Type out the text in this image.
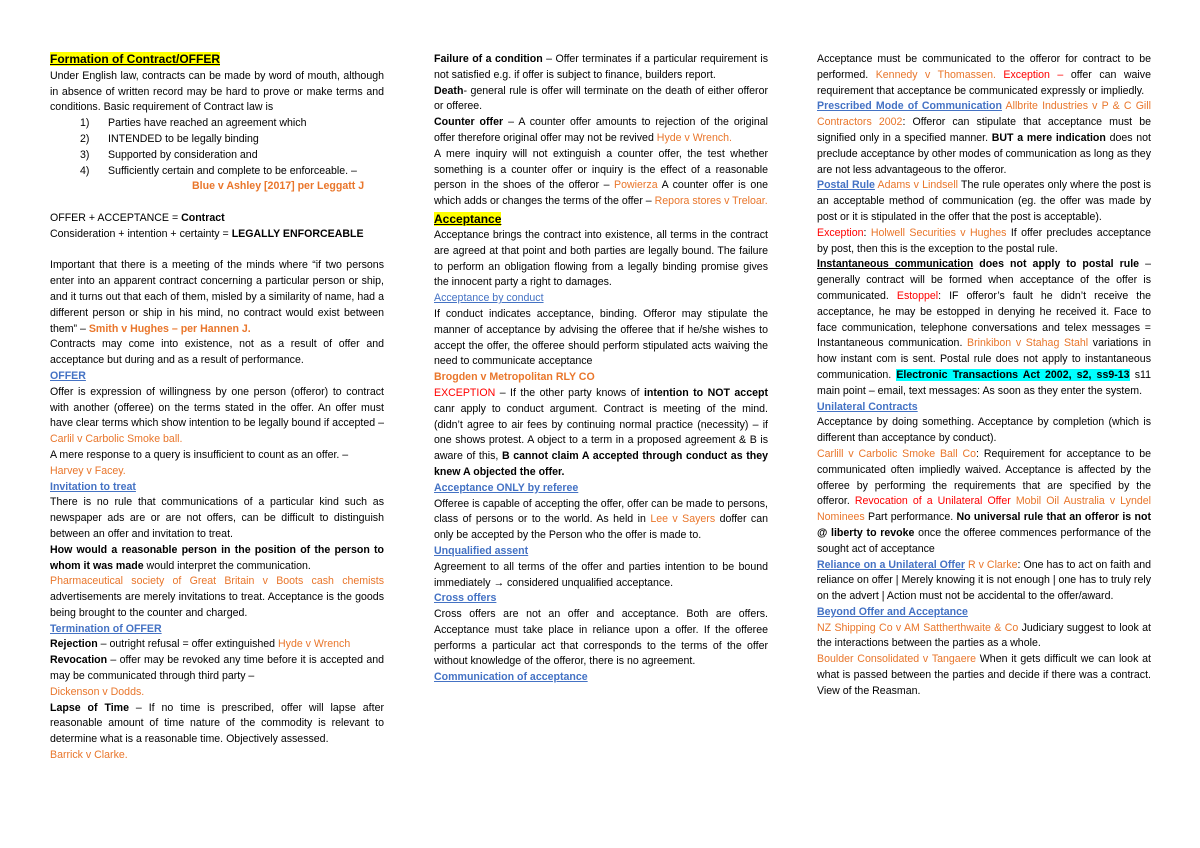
Formation of Contract/OFFER

Under English law, contracts can be made by word of mouth, although in absence of written record may be hard to prove or make terms and conditions. Basic requirement of Contract law is

1)	Parties have reached an agreement which
2)	INTENDED to be legally binding
3)	Supported by consideration and
4)	Sufficiently certain and complete to be enforceable. –
Blue v Ashley [2017] per Leggatt J

OFFER + ACCEPTANCE = Contract

Consideration + intention + certainty = LEGALLY ENFORCEABLE

Important that there is a meeting of the minds where “if two persons enter into an apparent contract concerning a particular person or ship, and it turns out that each of them, misled by a similarity of name, had a different person or ship in his mind, no contract would exist between them” – Smith v Hughes – per Hannen J.

Contracts may come into existence, not as a result of offer and acceptance but during and as a result of performance.

OFFER

Offer is expression of willingness by one person (offeror) to contract with another (offeree) on the terms stated in the offer. An offer must have clear terms which show intention to be legally bound if accepted – Carlil v Carbolic Smoke ball.

A mere response to a query is insufficient to count as an offer. –
Harvey v Facey.

Invitation to treat

There is no rule that communications of a particular kind such as newspaper ads are or are not offers, can be difficult to distinguish between an offer and invitation to treat.

How would a reasonable person in the position of the person to whom it was made would interpret the communication.

Pharmaceutical society of Great Britain v Boots cash chemists advertisements are merely invitations to treat. Acceptance is the goods being brought to the counter and charged.

Termination of OFFER

Rejection – outright refusal = offer extinguished Hyde v Wrench

Revocation – offer may be revoked any time before it is accepted and may be communicated through third party –
Dickenson v Dodds.

Lapse of Time – If no time is prescribed, offer will lapse after reasonable amount of time nature of the commodity is relevant to determine what is a reasonable time. Objectively assessed.
Barrick v Clarke.

Failure of a condition – Offer terminates if a particular requirement is not satisfied e.g. if offer is subject to finance, builders report.

Death- general rule is offer will terminate on the death of either offeror or offeree.

Counter offer – A counter offer amounts to rejection of the original offer therefore original offer may not be revived Hyde v Wrench.

A mere inquiry will not extinguish a counter offer, the test whether something is a counter offer or inquiry is the effect of a reasonable person in the shoes of the offeror – Powierza A counter offer is one which adds or changes the terms of the offer – Repora stores v Treloar.

Acceptance

Acceptance brings the contract into existence, all terms in the contract are agreed at that point and both parties are legally bound. The failure to perform an obligation flowing from a legally binding promise gives the innocent party a right to damages.

Acceptance by conduct

If conduct indicates acceptance, binding. Offeror may stipulate the manner of acceptance by advising the offeree that if he/she wishes to accept the offer, the offeree should perform stipulated acts waiving the need to communicate acceptance
Brogden v Metropolitan RLY CO

EXCEPTION – If the other party knows of intention to NOT accept canr apply to conduct argument. Contract is meeting of the mind. (didn’t agree to air fees by continuing normal practice (necessity) – if one shows protest. A object to a term in a proposed agreement & B is aware of this, B cannot claim A accepted through conduct as they knew A objected the offer.

Acceptance ONLY by referee

Offeree is capable of accepting the offer, offer can be made to persons, class of persons or to the world. As held in Lee v Sayers doffer can only be accepted by the Person who the offer is made to.

Unqualified assent

Agreement to all terms of the offer and parties intention to be bound immediately → considered unqualified acceptance.

Cross offers

Cross offers are not an offer and acceptance. Both are offers. Acceptance must take place in reliance upon a offer. If the offeree performs a particular act that corresponds to the terms of the offer without knowledge of the offeror, there is no agreement.

Communication of acceptance

Acceptance must be communicated to the offeror for contract to be performed. Kennedy v Thomassen. Exception – offer can waive requirement that acceptance be communicated expressly or impliedly.

Prescribed Mode of Communication Allbrite Industries v P & C Gill Contractors 2002: Offeror can stipulate that acceptance must be signified only in a specified manner. BUT a mere indication does not preclude acceptance by other modes of communication as long as they are not less advantageous to the offeror.

Postal Rule Adams v Lindsell The rule operates only where the post is an acceptable method of communication (eg. the offer was made by post or it is stipulated in the offer that the post is acceptable).

Exception: Holwell Securities v Hughes If offer precludes acceptance by post, then this is the exception to the postal rule.

Instantaneous communication does not apply to postal rule – generally contract will be formed when acceptance of the offer is communicated. Estoppel: IF offeror’s fault he didn’t receive the acceptance, he may be estopped in denying he received it. Face to face communication, telephone conversations and telex messages = Instantaneous communication. Brinkibon v Stahag Stahl variations in how instant com is sent. Postal rule does not apply to instantaneous communication. Electronic Transactions Act 2002, s2, ss9-13 s11 main point – email, text messages: As soon as they enter the system.

Unilateral Contracts

Acceptance by doing something. Acceptance by completion (which is different than acceptance by conduct).

Carlill v Carbolic Smoke Ball Co: Requirement for acceptance to be communicated often impliedly waived. Acceptance is affected by the offeree by performing the requirements that are specified by the offeror. Revocation of a Unilateral Offer Mobil Oil Australia v Lyndel Nominees Part performance. No universal rule that an offeror is not @ liberty to revoke once the offeree commences performance of the sought act of acceptance

Reliance on a Unilateral Offer R v Clarke: One has to act on faith and reliance on offer | Merely knowing it is not enough | one has to truly rely on the advert | Action must not be accidental to the offer/award.

Beyond Offer and Acceptance

NZ Shipping Co v AM Sattherthwaite & Co Judiciary suggest to look at the interactions between the parties as a whole.

Boulder Consolidated v Tangaere When it gets difficult we can look at what is passed between the parties and decide if there was a contract. View of the Reasman.
